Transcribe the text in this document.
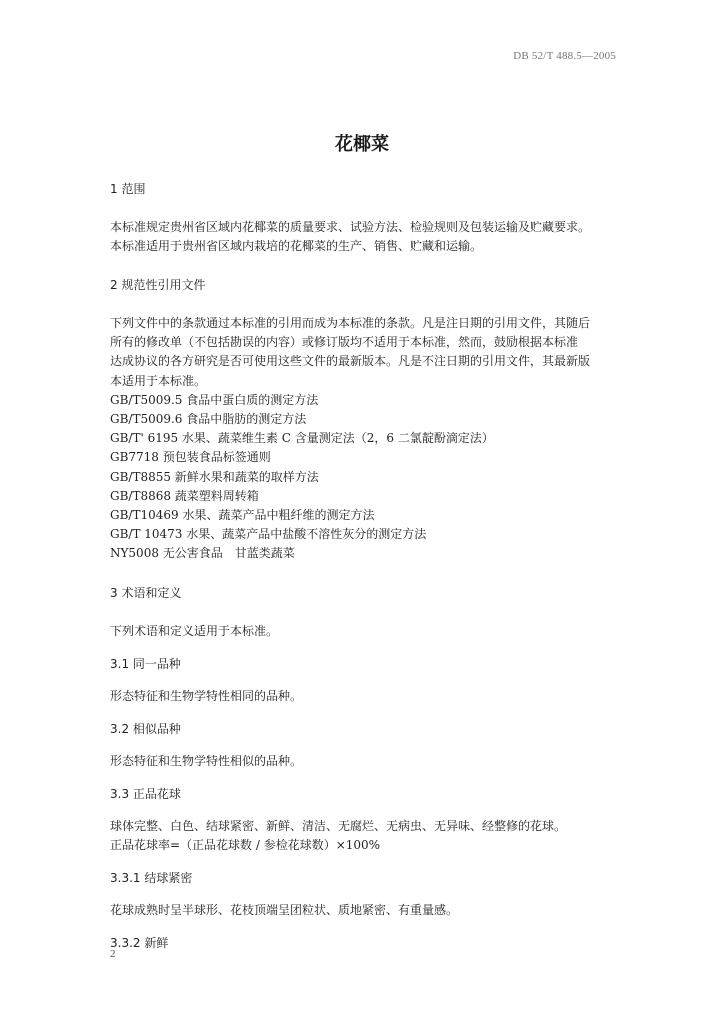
DB 52/T 488.5—2005
花椰菜

1 范围

本标准规定贵州省区域内花椰菜的质量要求、试验方法、检验规则及包装运输及贮藏要求。

本标准适用于贵州省区域内栽培的花椰菜的生产、销售、贮藏和运输。

2 规范性引用文件

下列文件中的条款通过本标准的引用而成为本标准的条款。凡是注日期的引用文件，其随后

所有的修改单（不包括勘误的内容）或修订版均不适用于本标准，然而，鼓励根据本标准

达成协议的各方研究是否可使用这些文件的最新版本。凡是不注日期的引用文件，其最新版

本适用于本标准。

GB/T5009.5 食品中蛋白质的测定方法

GB/T5009.6 食品中脂肪的测定方法

GB/T' 6195 水果、蔬菜维生素 C 含量测定法（2，6 二氯靛酚滴定法）

GB7718 预包装食品标签通则

GB/T8855 新鲜水果和蔬菜的取样方法

GB/T8868 蔬菜塑料周转箱

GB/T10469 水果、蔬菜产品中粗纤维的测定方法

GB/T 10473 水果、蔬菜产品中盐酸不溶性灰分的测定方法

NY5008 无公害食品　甘蓝类蔬菜

3 术语和定义

下列术语和定义适用于本标准。

3.1 同一品种

形态特征和生物学特性相同的品种。

3.2 相似品种

形态特征和生物学特性相似的品种。

3.3 正品花球

球体完整、白色、结球紧密、新鲜、清洁、无腐烂、无病虫、无异味、经整修的花球。

正品花球率=（正品花球数 / 参检花球数）×100%

3.3.1 结球紧密

花球成熟时呈半球形、花枝顶端呈团粒状、质地紧密、有重量感。

3.3.2 新鲜

2
